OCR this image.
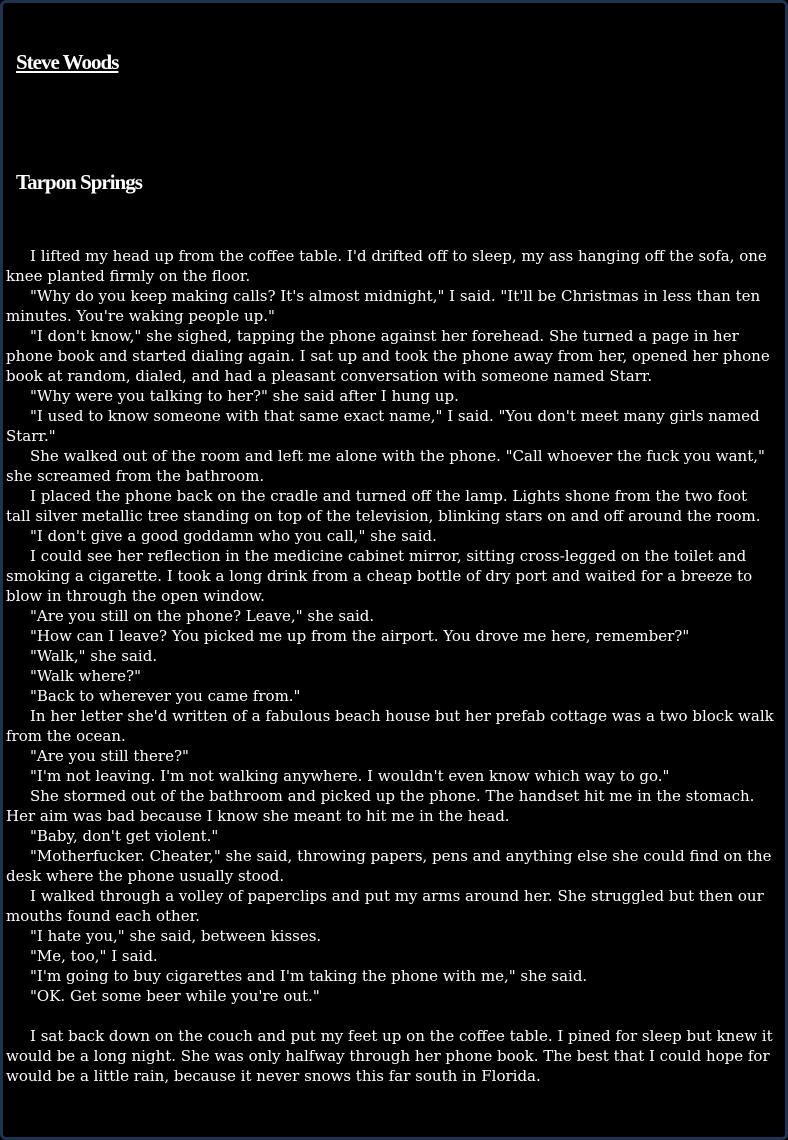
Steve Woods
Tarpon Springs

I lifted my head up from the coffee table. I'd drifted off to sleep, my ass hanging off the sofa, one knee planted firmly on the floor.

"Why do you keep making calls? It's almost midnight," I said. "It'll be Christmas in less than ten minutes. You're waking people up."

"I don't know," she sighed, tapping the phone against her forehead. She turned a page in her phone book and started dialing again. I sat up and took the phone away from her, opened her phone book at random, dialed, and had a pleasant conversation with someone named Starr.

"Why were you talking to her?" she said after I hung up.

"I used to know someone with that same exact name," I said. "You don't meet many girls named Starr."

She walked out of the room and left me alone with the phone. "Call whoever the fuck you want," she screamed from the bathroom.

I placed the phone back on the cradle and turned off the lamp. Lights shone from the two foot tall silver metallic tree standing on top of the television, blinking stars on and off around the room.

"I don't give a good goddamn who you call," she said.

I could see her reflection in the medicine cabinet mirror, sitting cross-legged on the toilet and smoking a cigarette. I took a long drink from a cheap bottle of dry port and waited for a breeze to blow in through the open window.

"Are you still on the phone? Leave," she said.

"How can I leave? You picked me up from the airport. You drove me here, remember?"

"Walk," she said.

"Walk where?"

"Back to wherever you came from."

In her letter she'd written of a fabulous beach house but her prefab cottage was a two block walk from the ocean.

"Are you still there?"

"I'm not leaving. I'm not walking anywhere. I wouldn't even know which way to go."

She stormed out of the bathroom and picked up the phone. The handset hit me in the stomach. Her aim was bad because I know she meant to hit me in the head.

"Baby, don't get violent."

"Motherfucker. Cheater," she said, throwing papers, pens and anything else she could find on the desk where the phone usually stood.

I walked through a volley of paperclips and put my arms around her. She struggled but then our mouths found each other.

"I hate you," she said, between kisses.

"Me, too," I said.

"I'm going to buy cigarettes and I'm taking the phone with me," she said.

"OK. Get some beer while you're out."

I sat back down on the couch and put my feet up on the coffee table. I pined for sleep but knew it would be a long night. She was only halfway through her phone book. The best that I could hope for would be a little rain, because it never snows this far south in Florida.
